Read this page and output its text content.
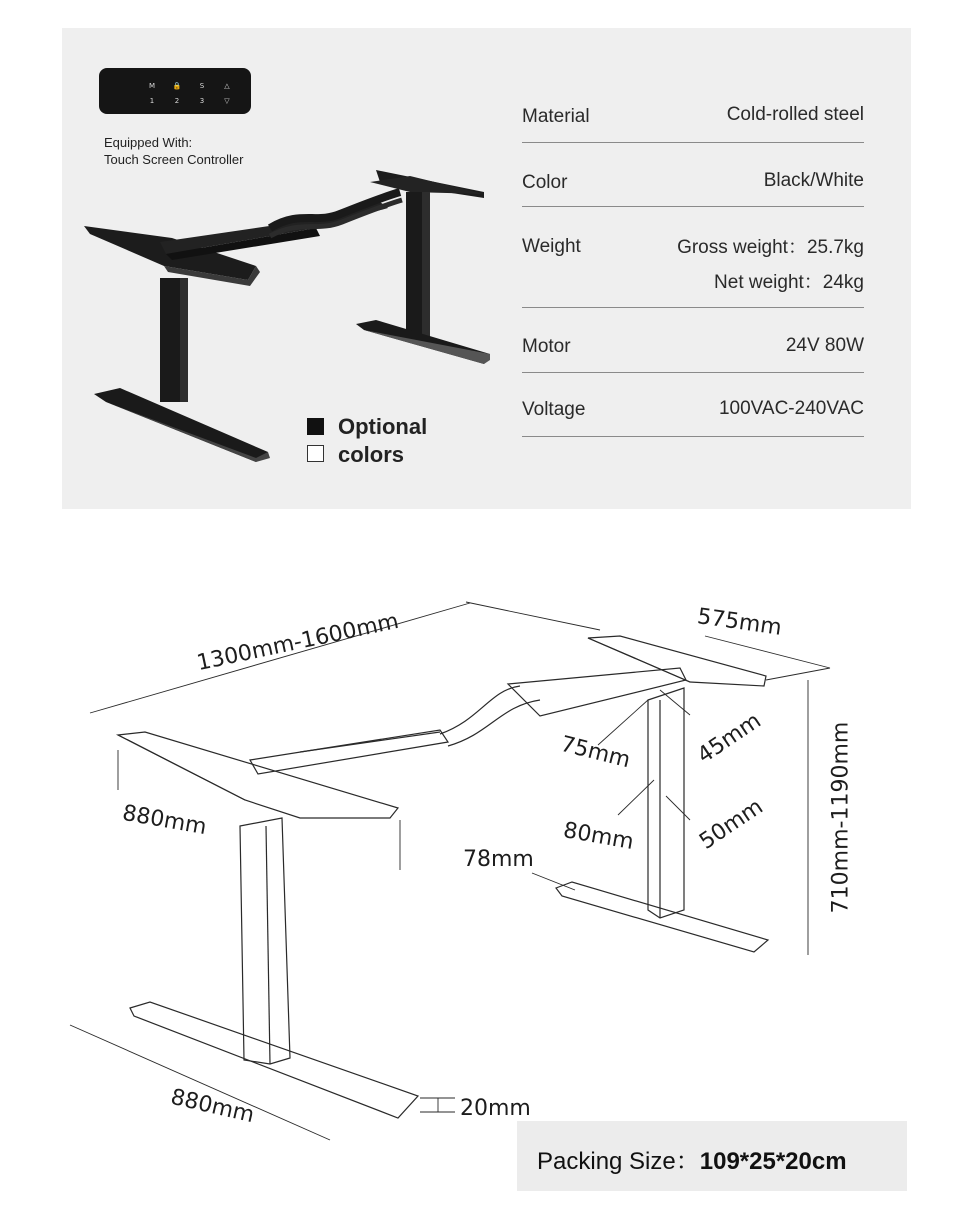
M	🔒	S	△
1	2	3	▽
Equipped With:
Touch Screen Controller
Optional
colors
Material	Cold-rolled steel
Color	Black/White
Weight	Gross weight：25.7kg
Net weight：24kg
Motor	24V 80W
Voltage	100VAC-240VAC
1300mm-1600mm	575mm
710mm-1190mm
880mm
880mm
75mm	45mm
80mm	50mm
78mm
20mm
Packing Size：109*25*20cm
